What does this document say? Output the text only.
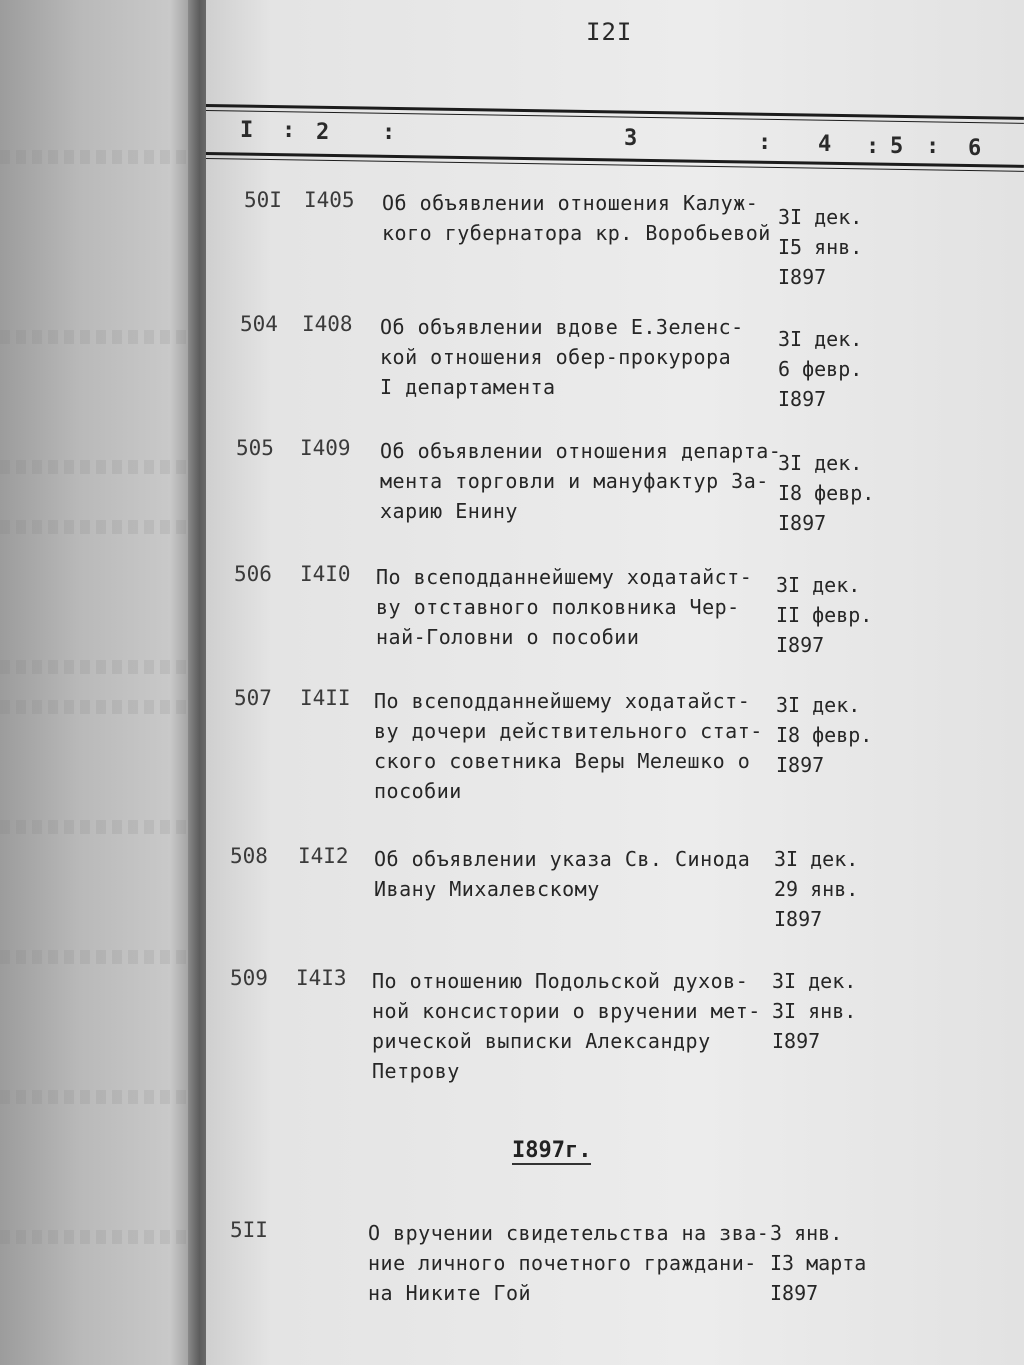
I2I
I : 2 :	3	: 4 : 5 : 6
50I I405 Об объявлении отношения Калуж-
кого губернатора кр. Воробьевой
3I дек.
I5 янв.
I897
504 I408 Об объявлении вдове Е.Зеленс-
кой отношения обер-прокурора
I департамента
3I дек.
6 февр.
I897
505 I409 Об объявлении отношения департа-
мента торговли и мануфактур За-
харию Енину
3I дек.
I8 февр.
I897
506 I4I0 По всеподданнейшему ходатайст-
ву отставного полковника Чер-
най-Головни о пособии
3I дек.
II февр.
I897
507 I4II По всеподданнейшему ходатайст-
ву дочери действительного стат-
ского советника Веры Мелешко о
пособии
3I дек.
I8 февр.
I897
508 I4I2 Об объявлении указа Св. Синода
Ивану Михалевскому
3I дек.
29 янв.
I897
509 I4I3 По отношению Подольской духов-
ной консистории о вручении мет-
рической выписки Александру
Петрову
3I дек.
3I янв.
I897
I897г.
5II	О вручении свидетельства на зва-
ние личного почетного граждани-
на Никите Гой
3 янв.
I3 марта
I897
